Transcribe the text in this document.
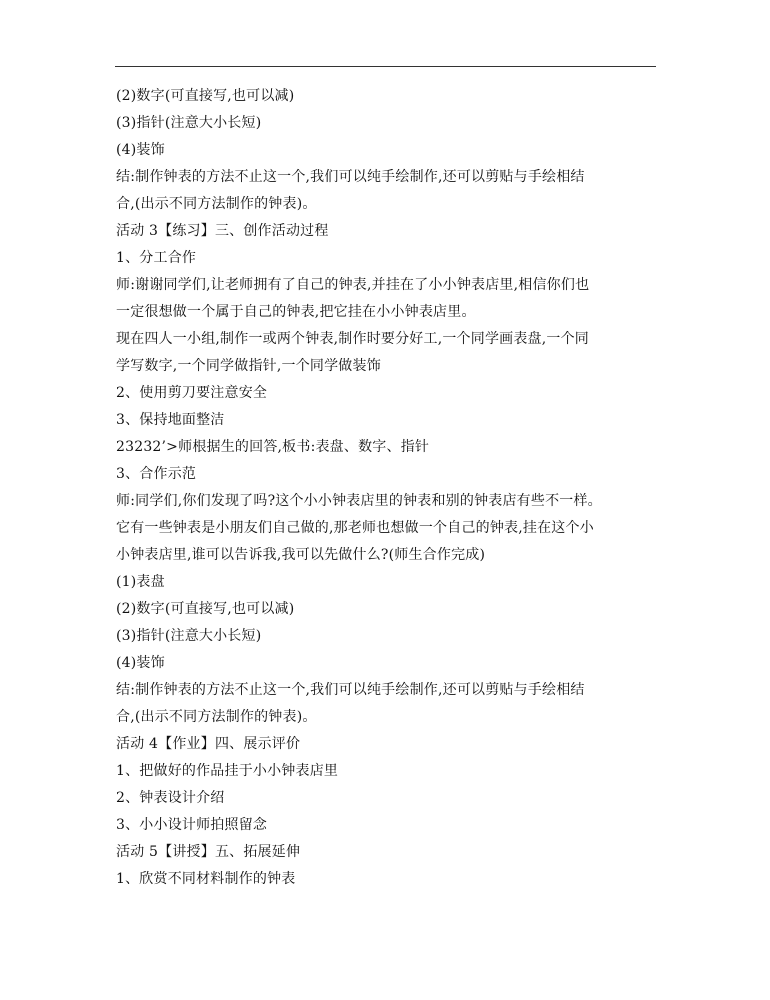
(2)数字(可直接写,也可以减)
(3)指针(注意大小长短)
(4)装饰
结:制作钟表的方法不止这一个,我们可以纯手绘制作,还可以剪贴与手绘相结
合,(出示不同方法制作的钟表)。
活动 3【练习】三、创作活动过程
1、分工合作
师:谢谢同学们,让老师拥有了自己的钟表,并挂在了小小钟表店里,相信你们也
一定很想做一个属于自己的钟表,把它挂在小小钟表店里。
现在四人一小组,制作一或两个钟表,制作时要分好工,一个同学画表盘,一个同
学写数字,一个同学做指针,一个同学做装饰
2、使用剪刀要注意安全
3、保持地面整洁
23232’>师根据生的回答,板书:表盘、数字、指针
3、合作示范
师:同学们,你们发现了吗?这个小小钟表店里的钟表和别的钟表店有些不一样。
它有一些钟表是小朋友们自己做的,那老师也想做一个自己的钟表,挂在这个小
小钟表店里,谁可以告诉我,我可以先做什么?(师生合作完成)
(1)表盘
(2)数字(可直接写,也可以减)
(3)指针(注意大小长短)
(4)装饰
结:制作钟表的方法不止这一个,我们可以纯手绘制作,还可以剪贴与手绘相结
合,(出示不同方法制作的钟表)。
活动 4【作业】四、展示评价
1、把做好的作品挂于小小钟表店里
2、钟表设计介绍
3、小小设计师拍照留念
活动 5【讲授】五、拓展延伸
1、欣赏不同材料制作的钟表
